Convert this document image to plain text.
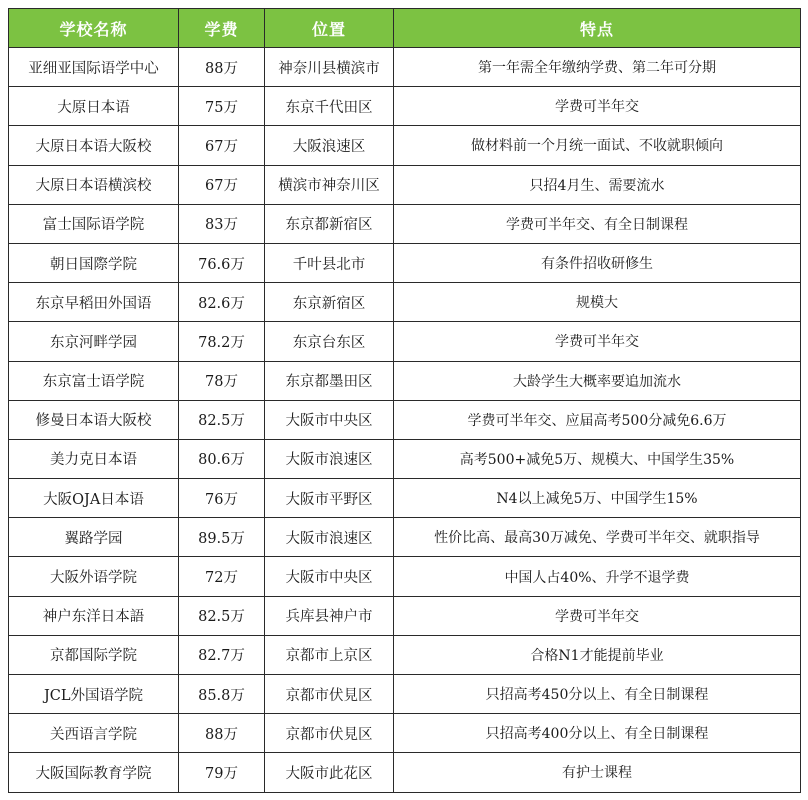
学校名称	学费	位置	特点
亚细亚国际语学中心	88万	神奈川县横滨市	第一年需全年缴纳学费、第二年可分期
大原日本语	75万	东京千代田区	学费可半年交
大原日本语大阪校	67万	大阪浪速区	做材料前一个月统一面试、不收就职倾向
大原日本语横滨校	67万	横滨市神奈川区	只招4月生、需要流水
富士国际语学院	83万	东京都新宿区	学费可半年交、有全日制课程
朝日国際学院	76.6万	千叶县北市	有条件招收研修生
东京早稻田外国语	82.6万	东京新宿区	规模大
东京河畔学园	78.2万	东京台东区	学费可半年交
东京富士语学院	78万	东京都墨田区	大龄学生大概率要追加流水
修曼日本语大阪校	82.5万	大阪市中央区	学费可半年交、应届高考500分减免6.6万
美力克日本语	80.6万	大阪市浪速区	高考500+减免5万、规模大、中国学生35%
大阪OJA日本语	76万	大阪市平野区	N4以上减免5万、中国学生15%
翼路学园	89.5万	大阪市浪速区	性价比高、最高30万减免、学费可半年交、就职指导
大阪外语学院	72万	大阪市中央区	中国人占40%、升学不退学费
神户东洋日本語	82.5万	兵库县神户市	学费可半年交
京都国际学院	82.7万	京都市上京区	合格N1才能提前毕业
JCL外国语学院	85.8万	京都市伏見区	只招高考450分以上、有全日制课程
关西语言学院	88万	京都市伏見区	只招高考400分以上、有全日制课程
大阪国际教育学院	79万	大阪市此花区	有护士课程
